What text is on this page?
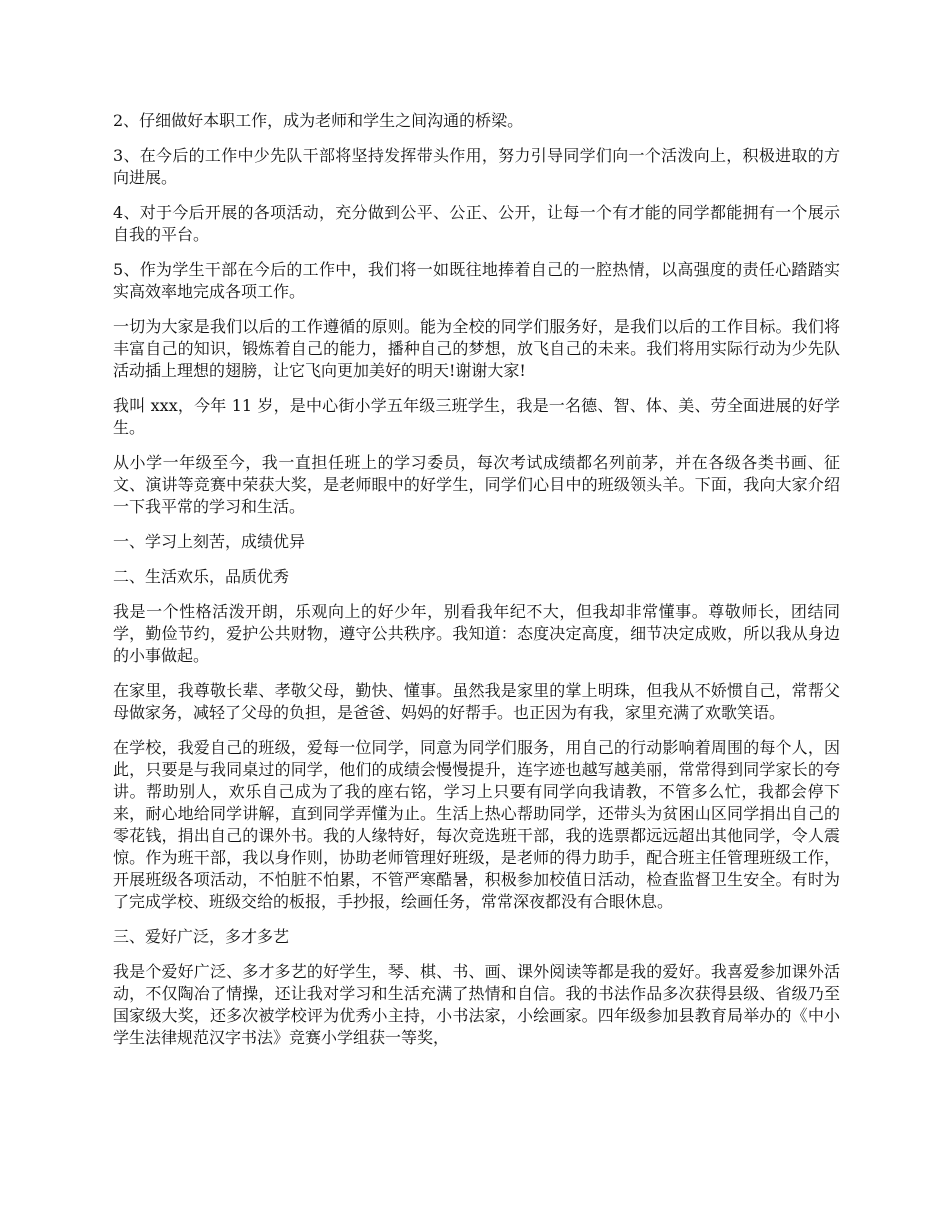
2、仔细做好本职工作，成为老师和学生之间沟通的桥梁。

3、在今后的工作中少先队干部将坚持发挥带头作用，努力引导同学们向一个活泼向上，积极进取的方向进展。

4、对于今后开展的各项活动，充分做到公平、公正、公开，让每一个有才能的同学都能拥有一个展示自我的平台。

5、作为学生干部在今后的工作中，我们将一如既往地捧着自己的一腔热情，以高强度的责任心踏踏实实高效率地完成各项工作。

一切为大家是我们以后的工作遵循的原则。能为全校的同学们服务好，是我们以后的工作目标。我们将丰富自己的知识，锻炼着自己的能力，播种自己的梦想，放飞自己的未来。我们将用实际行动为少先队活动插上理想的翅膀，让它飞向更加美好的明天!谢谢大家!

我叫 xxx，今年 11 岁，是中心街小学五年级三班学生，我是一名德、智、体、美、劳全面进展的好学生。

从小学一年级至今，我一直担任班上的学习委员，每次考试成绩都名列前茅，并在各级各类书画、征文、演讲等竞赛中荣获大奖，是老师眼中的好学生，同学们心目中的班级领头羊。下面，我向大家介绍一下我平常的学习和生活。

一、学习上刻苦，成绩优异

二、生活欢乐，品质优秀

我是一个性格活泼开朗，乐观向上的好少年，别看我年纪不大，但我却非常懂事。尊敬师长，团结同学，勤俭节约，爱护公共财物，遵守公共秩序。我知道：态度决定高度，细节决定成败，所以我从身边的小事做起。

在家里，我尊敬长辈、孝敬父母，勤快、懂事。虽然我是家里的掌上明珠，但我从不娇惯自己，常帮父母做家务，减轻了父母的负担，是爸爸、妈妈的好帮手。也正因为有我，家里充满了欢歌笑语。

在学校，我爱自己的班级，爱每一位同学，同意为同学们服务，用自己的行动影响着周围的每个人，因此，只要是与我同桌过的同学，他们的成绩会慢慢提升，连字迹也越写越美丽，常常得到同学家长的夸讲。帮助别人，欢乐自己成为了我的座右铭，学习上只要有同学向我请教，不管多么忙，我都会停下来，耐心地给同学讲解，直到同学弄懂为止。生活上热心帮助同学，还带头为贫困山区同学捐出自己的零花钱，捐出自己的课外书。我的人缘特好，每次竞选班干部，我的选票都远远超出其他同学，令人震惊。作为班干部，我以身作则，协助老师管理好班级，是老师的得力助手，配合班主任管理班级工作，开展班级各项活动，不怕脏不怕累，不管严寒酷暑，积极参加校值日活动，检查监督卫生安全。有时为了完成学校、班级交给的板报，手抄报，绘画任务，常常深夜都没有合眼休息。

三、爱好广泛，多才多艺

我是个爱好广泛、多才多艺的好学生，琴、棋、书、画、课外阅读等都是我的爱好。我喜爱参加课外活动，不仅陶冶了情操，还让我对学习和生活充满了热情和自信。我的书法作品多次获得县级、省级乃至国家级大奖，还多次被学校评为优秀小主持，小书法家，小绘画家。四年级参加县教育局举办的《中小学生法律规范汉字书法》竞赛小学组获一等奖，
